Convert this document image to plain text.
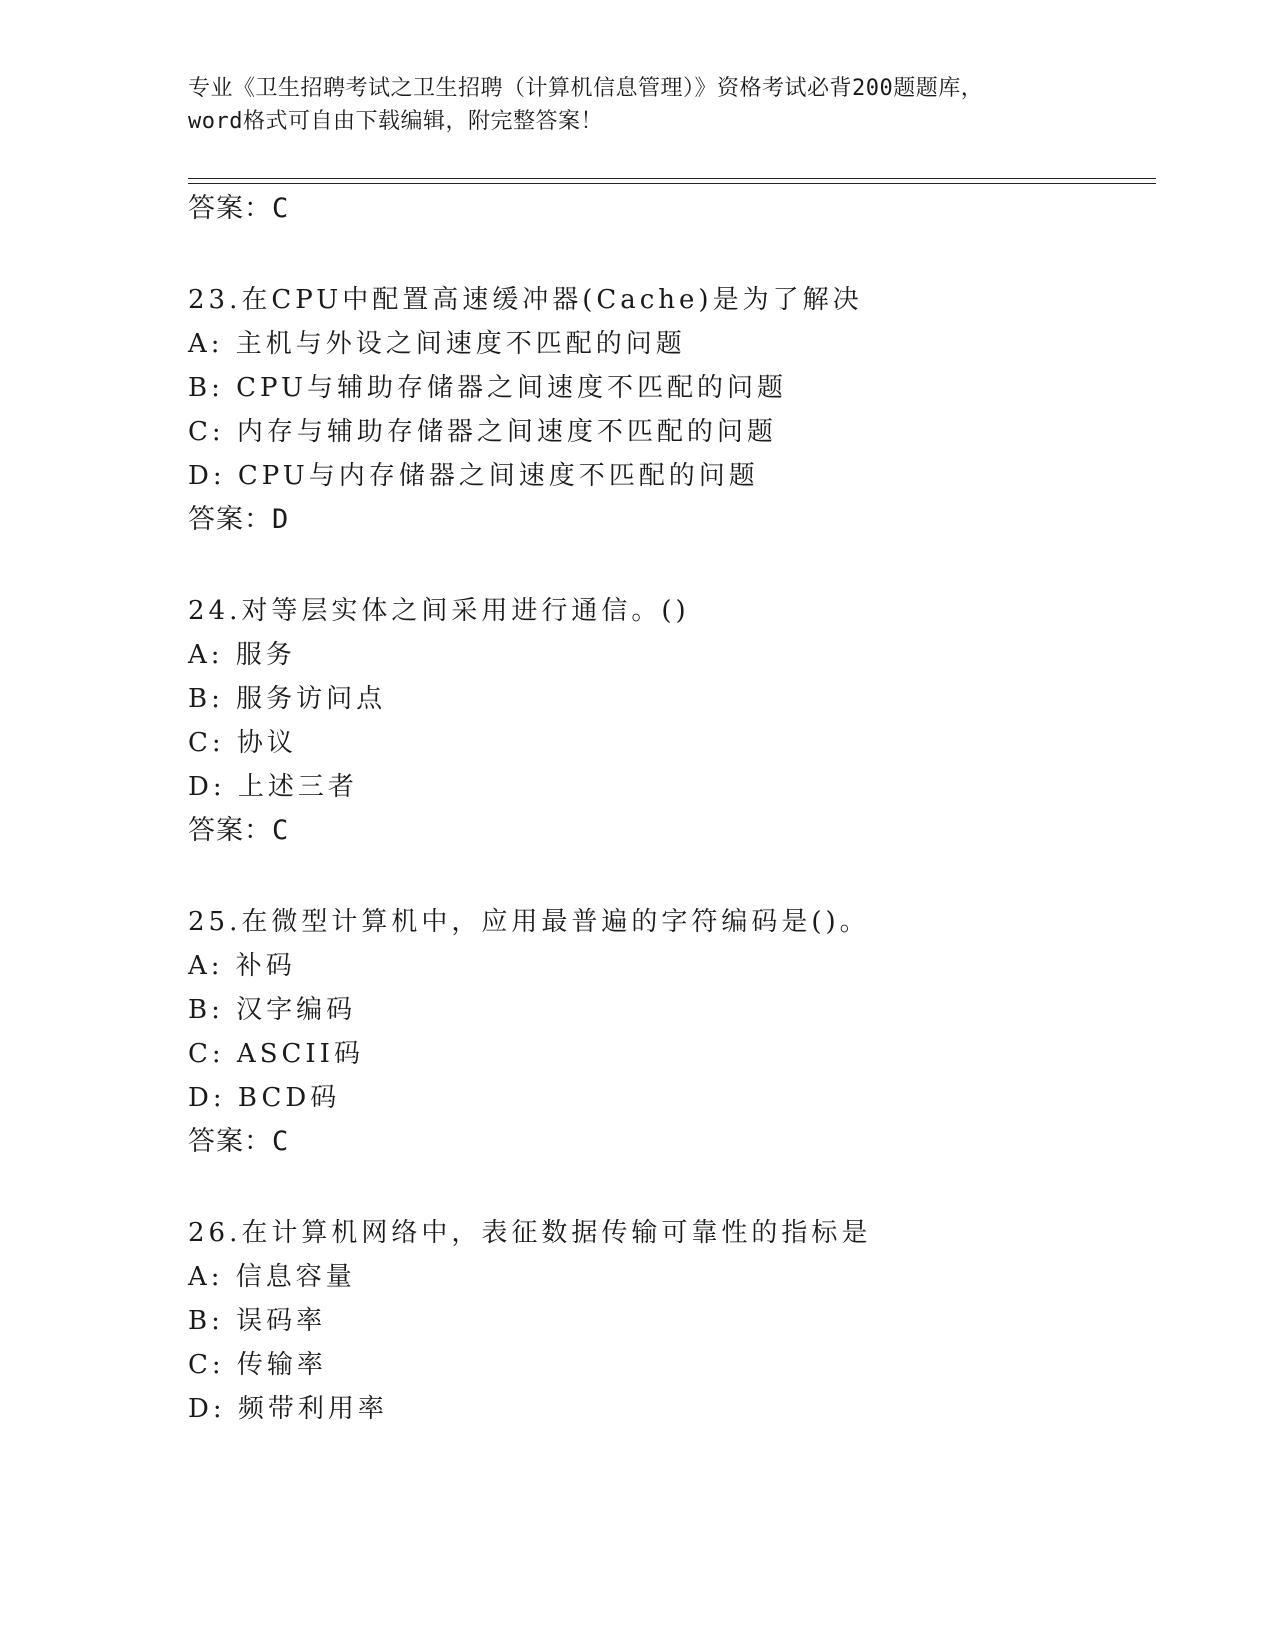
专业《卫生招聘考试之卫生招聘（计算机信息管理）》资格考试必背200题题库，
word格式可自由下载编辑，附完整答案！
答案：C
23.在CPU中配置高速缓冲器(Cache)是为了解决
A: 主机与外设之间速度不匹配的问题
B: CPU与辅助存储器之间速度不匹配的问题
C: 内存与辅助存储器之间速度不匹配的问题
D: CPU与内存储器之间速度不匹配的问题
答案：D
24.对等层实体之间采用进行通信。()
A: 服务
B: 服务访问点
C: 协议
D: 上述三者
答案：C
25.在微型计算机中，应用最普遍的字符编码是()。
A: 补码
B: 汉字编码
C: ASCII码
D: BCD码
答案：C
26.在计算机网络中，表征数据传输可靠性的指标是
A: 信息容量
B: 误码率
C: 传输率
D: 频带利用率
